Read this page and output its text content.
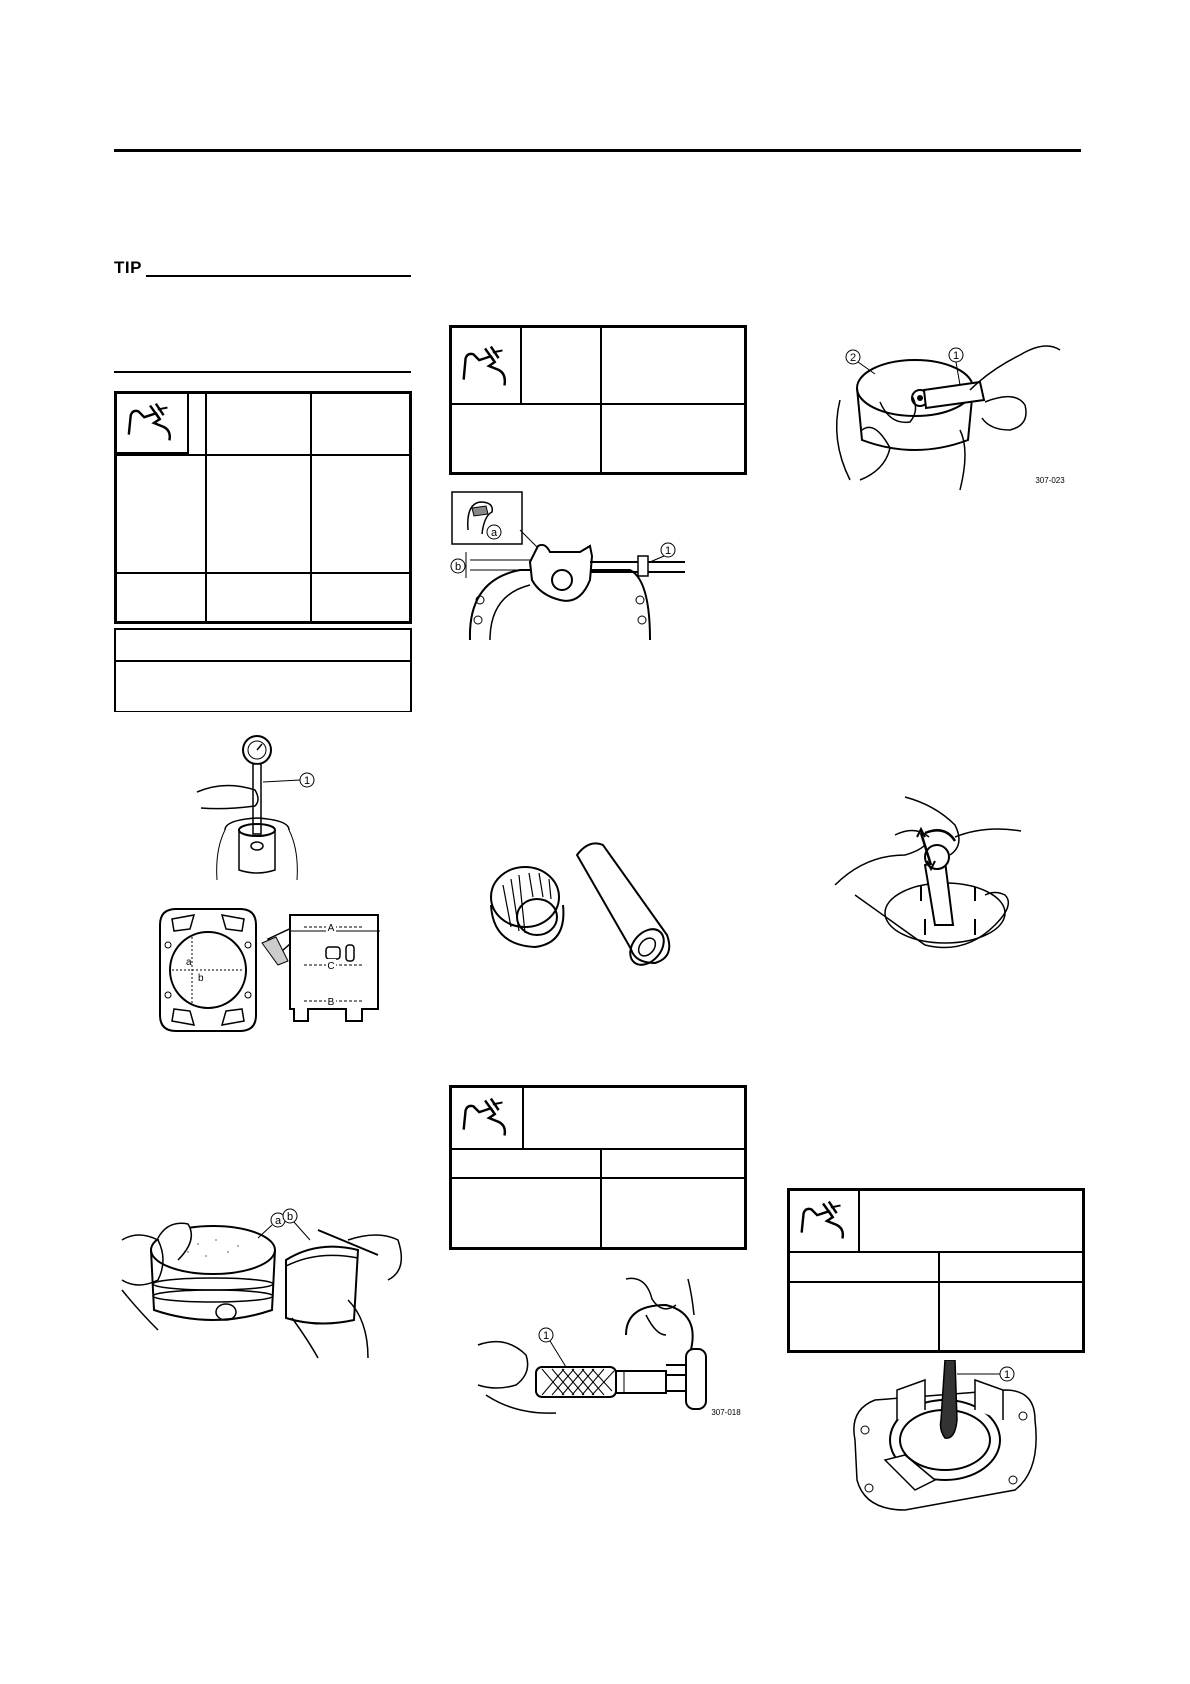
TIP
2	1
307-023
a
1
b
1
a
b
A
C
B
a b
1
307-018
1
